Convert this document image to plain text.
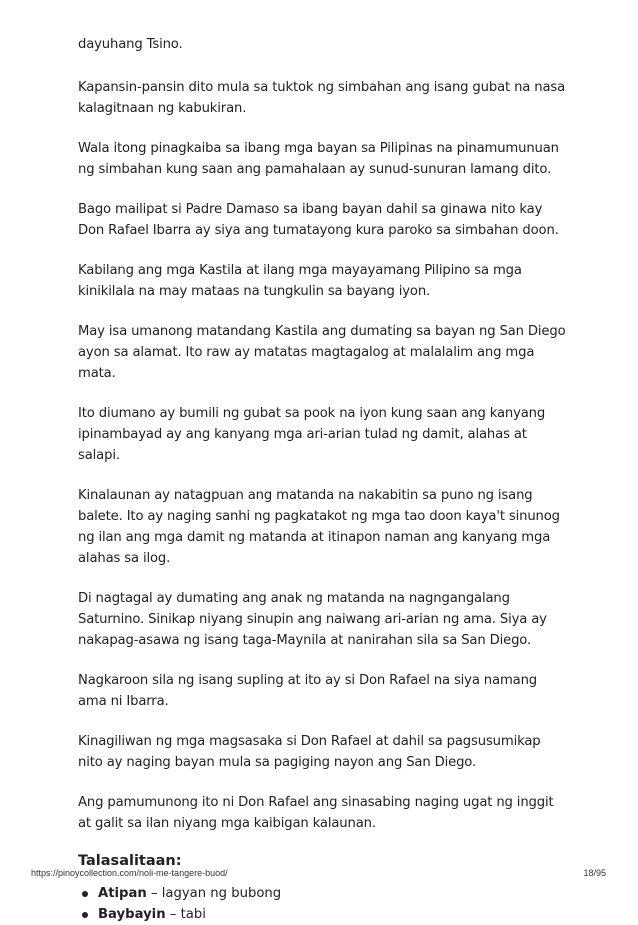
dayuhang Tsino.

Kapansin-pansin dito mula sa tuktok ng simbahan ang isang gubat na nasa kalagitnaan ng kabukiran.

Wala itong pinagkaiba sa ibang mga bayan sa Pilipinas na pinamumunuan ng simbahan kung saan ang pamahalaan ay sunud-sunuran lamang dito.

Bago mailipat si Padre Damaso sa ibang bayan dahil sa ginawa nito kay Don Rafael Ibarra ay siya ang tumatayong kura paroko sa simbahan doon.

Kabilang ang mga Kastila at ilang mga mayayamang Pilipino sa mga kinikilala na may mataas na tungkulin sa bayang iyon.

May isa umanong matandang Kastila ang dumating sa bayan ng San Diego ayon sa alamat. Ito raw ay matatas magtagalog at malalalim ang mga mata.

Ito diumano ay bumili ng gubat sa pook na iyon kung saan ang kanyang ipinambayad ay ang kanyang mga ari-arian tulad ng damit, alahas at salapi.

Kinalaunan ay natagpuan ang matanda na nakabitin sa puno ng isang balete. Ito ay naging sanhi ng pagkatakot ng mga tao doon kaya't sinunog ng ilan ang mga damit ng matanda at itinapon naman ang kanyang mga alahas sa ilog.

Di nagtagal ay dumating ang anak ng matanda na nagngangalang Saturnino. Sinikap niyang sinupin ang naiwang ari-arian ng ama. Siya ay nakapag-asawa ng isang taga-Maynila at nanirahan sila sa San Diego.

Nagkaroon sila ng isang supling at ito ay si Don Rafael na siya namang ama ni Ibarra.

Kinagiliwan ng mga magsasaka si Don Rafael at dahil sa pagsusumikap nito ay naging bayan mula sa pagiging nayon ang San Diego.

Ang pamumunong ito ni Don Rafael ang sinasabing naging ugat ng inggit at galit sa ilan niyang mga kaibigan kalaunan.

Talasalitaan:
Atipan – lagyan ng bubong
Baybayin – tabi
https://pinoycollection.com/noli-me-tangere-buod/	18/95
